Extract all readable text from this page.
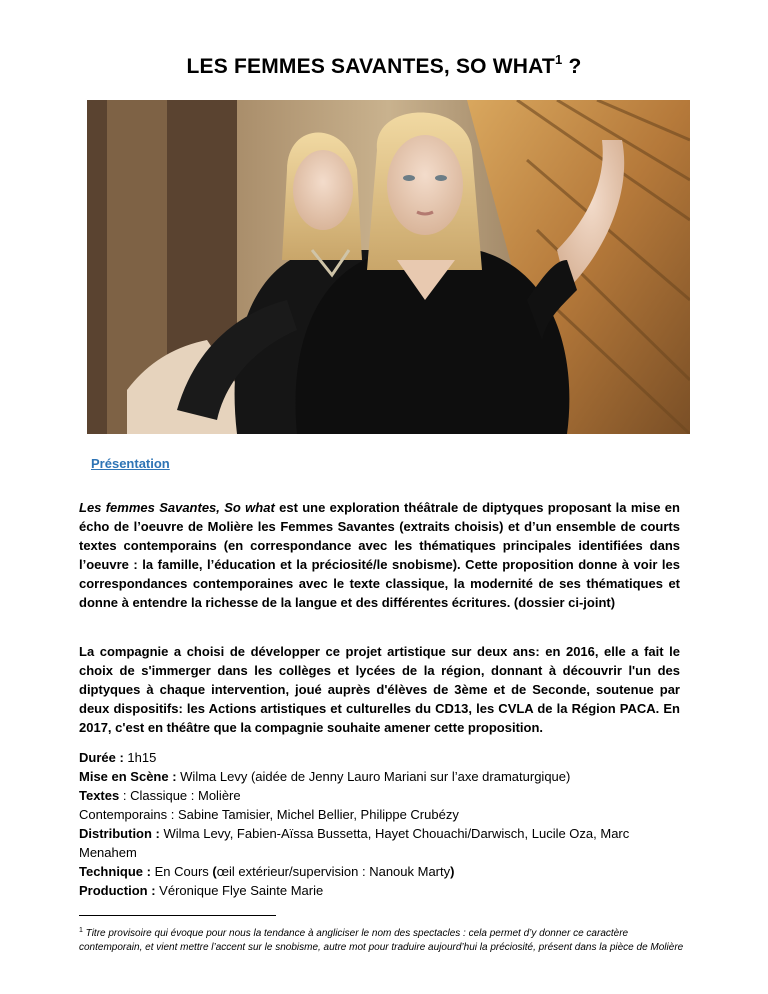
LES FEMMES SAVANTES, SO WHAT$^1$ ?
Présentation

Les femmes Savantes, So what est une exploration théâtrale de diptyques proposant la mise en écho de l’oeuvre de Molière les Femmes Savantes (extraits choisis) et d’un ensemble de courts textes contemporains (en correspondance avec les thématiques principales identifiées dans l’oeuvre : la famille, l’éducation et la préciosité/le snobisme). Cette proposition donne à voir les correspondances contemporaines avec le texte classique, la modernité de ses thématiques et donne à entendre la richesse de la langue et des différentes écritures. (dossier ci-joint)

La compagnie a choisi de développer ce projet artistique sur deux ans: en 2016, elle a fait le choix de s'immerger dans les collèges et lycées de la région, donnant à découvrir l'un des diptyques à chaque intervention, joué auprès d'élèves de 3ème et de Seconde, soutenue par deux dispositifs: les Actions artistiques et culturelles du CD13, les CVLA de la Région PACA. En 2017, c'est en théâtre que la compagnie souhaite amener cette proposition.

Durée : 1h15

Mise en Scène : Wilma Levy (aidée de Jenny Lauro Mariani sur l’axe dramaturgique)

Textes : Classique : Molière

Contemporains : Sabine Tamisier, Michel Bellier, Philippe Crubézy

Distribution : Wilma Levy, Fabien-Aïssa Bussetta, Hayet Chouachi/Darwisch, Lucile Oza, Marc Menahem

Technique : En Cours (œil extérieur/supervision : Nanouk Marty)

Production : Véronique Flye Sainte Marie

$^1$ Titre provisoire qui évoque pour nous la tendance à angliciser le nom des spectacles : cela permet d’y donner ce caractère contemporain, et vient mettre l’accent sur le snobisme, autre mot pour traduire aujourd’hui la préciosité, présent dans la pièce de Molière
